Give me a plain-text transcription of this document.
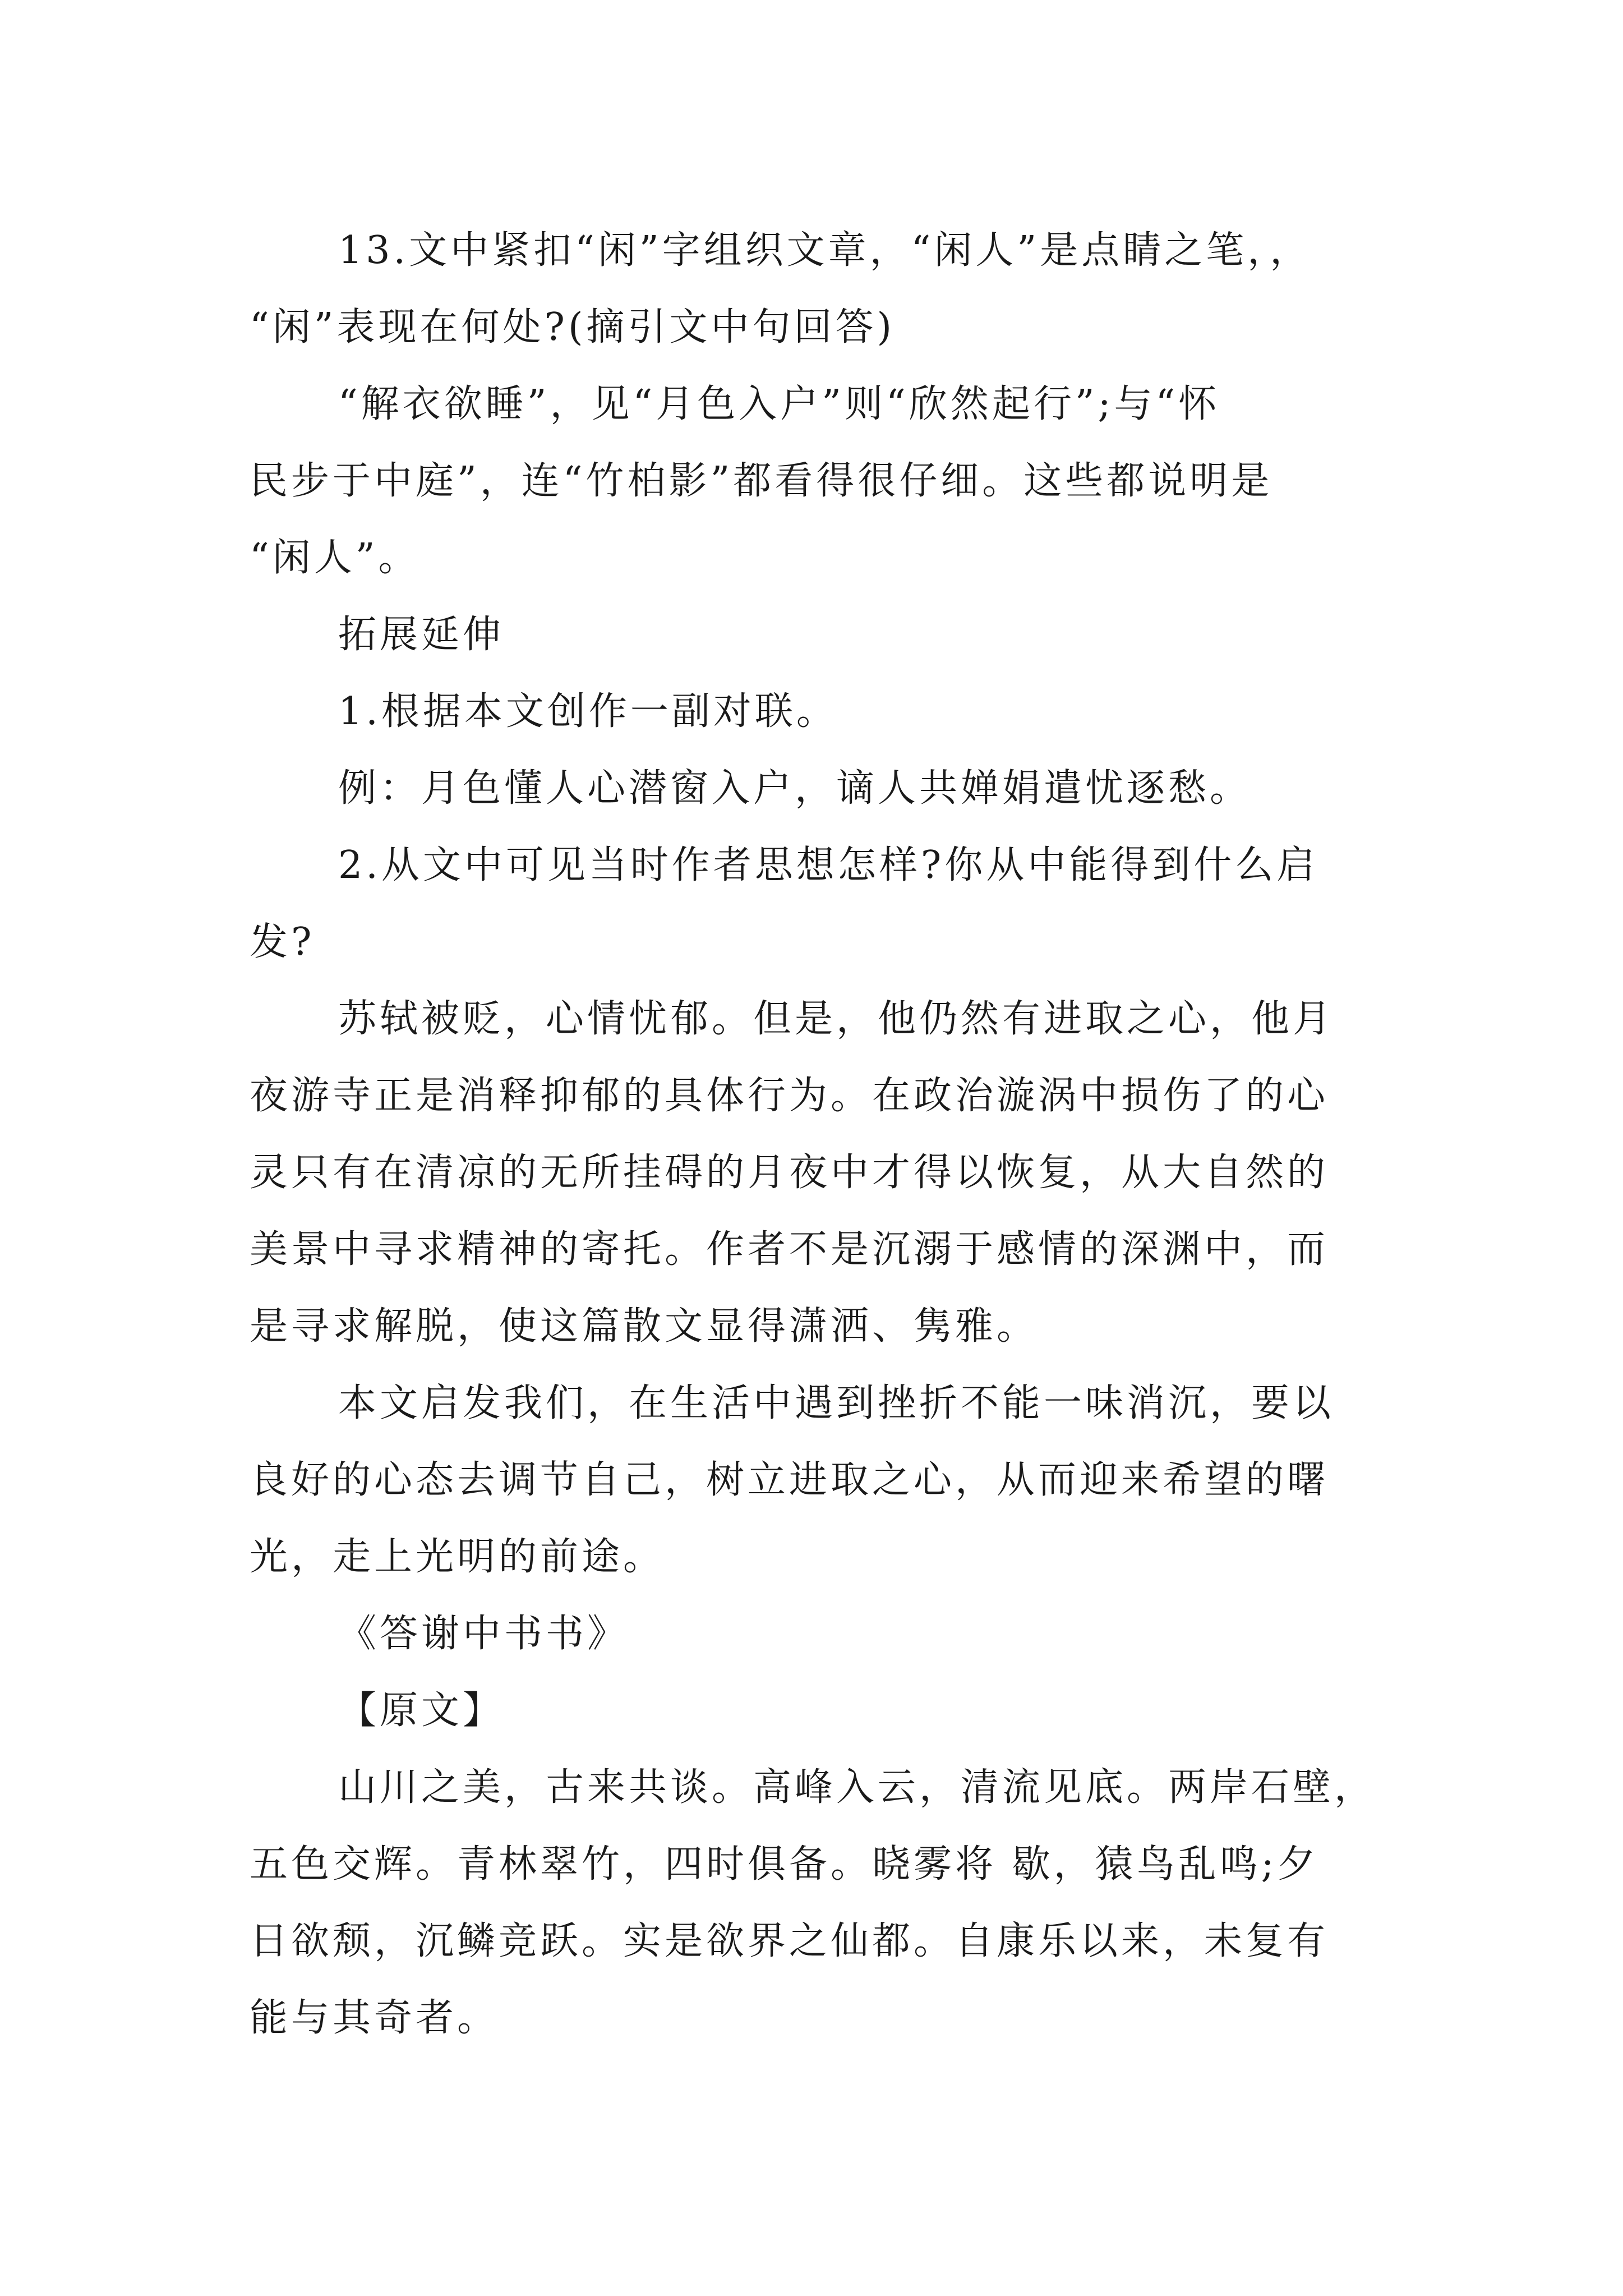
13.文中紧扣“闲”字组织文章，“闲人”是点睛之笔，，
“闲”表现在何处?(摘引文中句回答)
“解衣欲睡”，见“月色入户”则“欣然起行”;与“怀
民步于中庭”，连“竹柏影”都看得很仔细。这些都说明是
“闲人”。
拓展延伸
1.根据本文创作一副对联。
例：月色懂人心潜窗入户，谪人共婵娟遣忧逐愁。
2.从文中可见当时作者思想怎样?你从中能得到什么启
发?
苏轼被贬，心情忧郁。但是，他仍然有进取之心，他月
夜游寺正是消释抑郁的具体行为。在政治漩涡中损伤了的心
灵只有在清凉的无所挂碍的月夜中才得以恢复，从大自然的
美景中寻求精神的寄托。作者不是沉溺于感情的深渊中，而
是寻求解脱，使这篇散文显得潇洒、隽雅。
本文启发我们，在生活中遇到挫折不能一味消沉，要以
良好的心态去调节自己，树立进取之心，从而迎来希望的曙
光，走上光明的前途。
《答谢中书书》
【原文】
山川之美，古来共谈。高峰入云，清流见底。两岸石壁，
五色交辉。青林翠竹，四时俱备。晓雾将 歇，猿鸟乱鸣;夕
日欲颓，沉鳞竞跃。实是欲界之仙都。自康乐以来，未复有
能与其奇者。
